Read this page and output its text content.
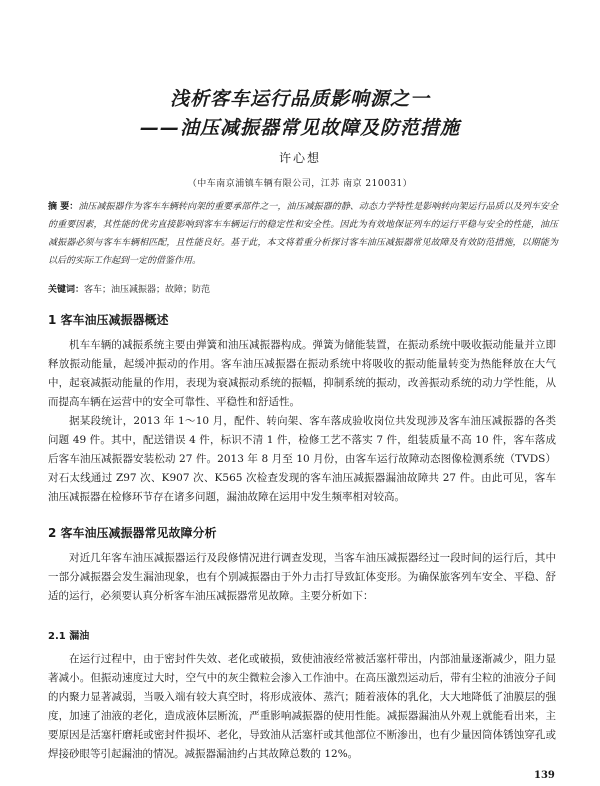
浅析客车运行品质影响源之一
——油压减振器常见故障及防范措施
许心想
（中车南京浦镇车辆有限公司，江苏 南京 210031）

摘 要：油压减振器作为客车车辆转向架的重要承部件之一，油压减振器的静、动态力学特性是影响转向架运行品质以及列车安全的重要因素，其性能的优劣直接影响到客车车辆运行的稳定性和安全性。因此为有效地保证列车的运行平稳与安全的性能，油压减振器必须与客车车辆相匹配，且性能良好。基于此，本文将着重分析探讨客车油压减振器常见故障及有效防范措施，以期能为以后的实际工作起到一定的借鉴作用。

关键词：客车；油压减振器；故障；防范

1 客车油压减振器概述

机车车辆的减振系统主要由弹簧和油压减振器构成。弹簧为储能装置，在振动系统中吸收振动能量并立即释放振动能量，起缓冲振动的作用。客车油压减振器在振动系统中将吸收的振动能量转变为热能释放在大气中，起衰减振动能量的作用，表现为衰减振动系统的振幅，抑制系统的振动，改善振动系统的动力学性能，从而提高车辆在运营中的安全可靠性、平稳性和舒适性。

据某段统计，2013 年 1～10 月，配件、转向架、客车落成验收岗位共发现涉及客车油压减振器的各类问题 49 件。其中，配送错误 4 件，标识不清 1 件，检修工艺不落实 7 件，组装质量不高 10 件，客车落成后客车油压减振器安装松动 27 件。2013 年 8 月至 10 月份，由客车运行故障动态图像检测系统（TVDS）对石太线通过 Z97 次、K907 次、K565 次检查发现的客车油压减振器漏油故障共 27 件。由此可见，客车油压减振器在检修环节存在诸多问题，漏油故障在运用中发生频率相对较高。

2 客车油压减振器常见故障分析

对近几年客车油压减振器运行及段修情况进行调查发现，当客车油压减振器经过一段时间的运行后，其中一部分减振器会发生漏油现象，也有个别减振器由于外力击打导致缸体变形。为确保旅客列车安全、平稳、舒适的运行，必须要认真分析客车油压减振器常见故障。主要分析如下：

2.1 漏油

在运行过程中，由于密封件失效、老化或破损，致使油液经常被活塞杆带出，内部油量逐渐减少，阻力显著减小。但振动速度过大时，空气中的灰尘微粒会渗入工作油中。在高压激烈运动后，带有尘粒的油液分子间的内聚力显著减弱，当吸入端有较大真空时，将形成液体、蒸汽；随着液体的乳化，大大地降低了油膜层的强度，加速了油液的老化，造成液体层断流，严重影响减振器的使用性能。减振器漏油从外观上就能看出来，主要原因是活塞杆磨耗或密封件损坏、老化，导致油从活塞杆或其他部位不断渗出，也有少量因筒体锈蚀穿孔或焊接砂眼等引起漏油的情况。减振器漏油约占其故障总数的 12%。

139
